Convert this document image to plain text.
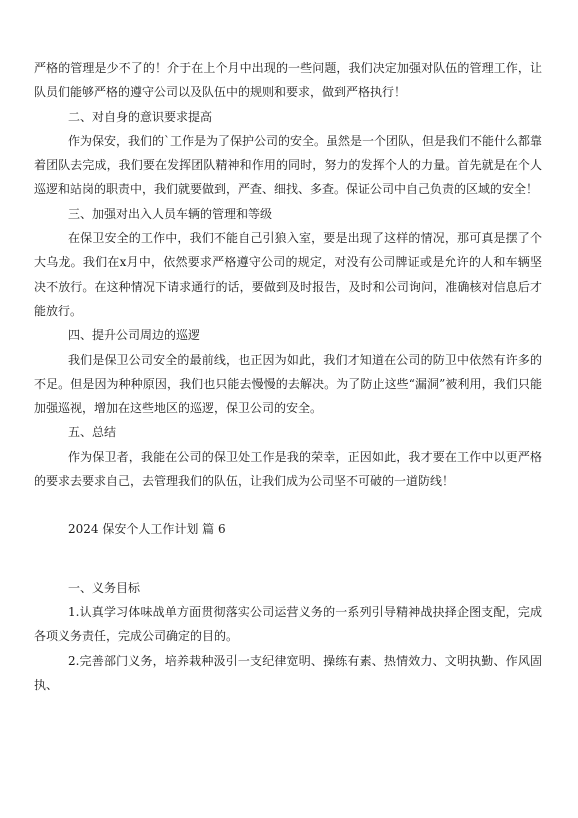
严格的管理是少不了的！介于在上个月中出现的一些问题，我们决定加强对队伍的管理工作，让队员们能够严格的遵守公司以及队伍中的规则和要求，做到严格执行！

二、对自身的意识要求提高

作为保安，我们的`工作是为了保护公司的安全。虽然是一个团队，但是我们不能什么都靠着团队去完成，我们要在发挥团队精神和作用的同时，努力的发挥个人的力量。首先就是在个人巡逻和站岗的职责中，我们就要做到，严查、细找、多查。保证公司中自己负责的区域的安全！

三、加强对出入人员车辆的管理和等级

在保卫安全的工作中，我们不能自己引狼入室，要是出现了这样的情况，那可真是摆了个大乌龙。我们在x月中，依然要求严格遵守公司的规定，对没有公司牌证或是允许的人和车辆坚决不放行。在这种情况下请求通行的话，要做到及时报告，及时和公司询问，准确核对信息后才能放行。

四、提升公司周边的巡逻

我们是保卫公司安全的最前线，也正因为如此，我们才知道在公司的防卫中依然有许多的不足。但是因为种种原因，我们也只能去慢慢的去解决。为了防止这些“漏洞”被利用，我们只能加强巡视，增加在这些地区的巡逻，保卫公司的安全。

五、总结

作为保卫者，我能在公司的保卫处工作是我的荣幸，正因如此，我才要在工作中以更严格的要求去要求自己，去管理我们的队伍，让我们成为公司坚不可破的一道防线！

2024 保安个人工作计划 篇 6

一、义务目标

1.认真学习体味战单方面贯彻落实公司运营义务的一系列引导精神战抉择企图支配，完成各项义务责任，完成公司确定的目的。

2.完善部门义务，培养栽种汲引一支纪律宽明、操练有素、热情效力、文明执勤、作风固执、
